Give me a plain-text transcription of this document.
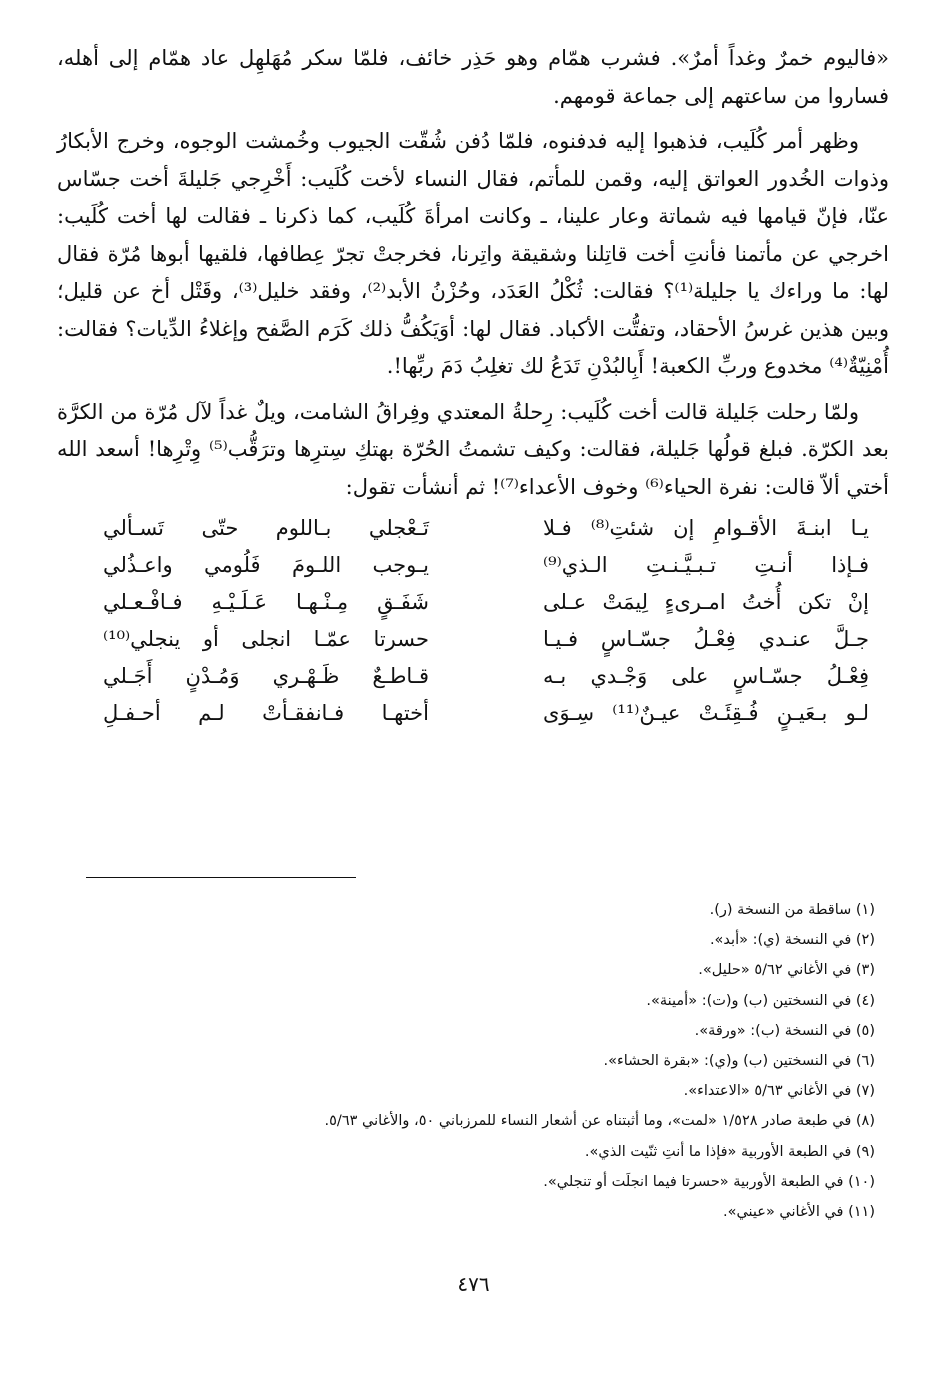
«فاليوم خمرٌ وغداً أمرٌ». فشرب همّام وهو حَذِر خائف، فلمّا سكر مُهَلهِل عاد همّام إلى أهله، فساروا من ساعتهم إلى جماعة قومهم.

وظهر أمر كُلَيب، فذهبوا إليه فدفنوه، فلمّا دُفن شُقّت الجيوب وخُمشت الوجوه، وخرج الأبكارُ وذوات الخُدور العواتق إليه، وقمن للمأتم، فقال النساء لأخت كُلَيب: أَخْرِجي جَليلةَ أخت جسّاس عنّا، فإنّ قيامها فيه شماتة وعار علينا، ـ وكانت امرأةَ كُلَيب، كما ذكرنا ـ فقالت لها أخت كُلَيب: اخرجي عن مأتمنا فأنتِ أخت قاتِلنا وشقيقة واتِرنا، فخرجتْ تجرّ عِطافها، فلقيها أبوها مُرّة فقال لها: ما وراءك يا جليلة⁽¹⁾؟ فقالت: ثُكْلُ العَدَد، وحُزْنُ الأبد⁽²⁾، وفقد خليل⁽³⁾، وقَتْل أخ عن قليل؛ وبين هذين غرسُ الأحقاد، وتفتُّت الأكباد. فقال لها: أوَيَكُفُّ ذلك كَرَم الصَّفح وإغلاءُ الدِّيات؟ فقالت: أُمْنِيّةٌ⁽⁴⁾ مخدوع وربِّ الكعبة! أَبِالبُدْنِ تَدَعُ لك تغلِبُ دَمَ ربِّها!.

ولمّا رحلت جَليلة قالت أخت كُلَيب: رِحلةُ المعتدي وفِراقُ الشامت، ويلٌ غداً لآل مُرّة من الكرَّة بعد الكرّة. فبلغ قولُها جَليلة، فقالت: وكيف تشمتُ الحُرّة بهتكِ سِترِها وترَقُّب⁽⁵⁾ وِتْرِها! أسعد الله أختي ألاّ قالت: نفرة الحياء⁽⁶⁾ وخوف الأعداء⁽⁷⁾! ثم أنشأت تقول:

يـا ابنـةَ الأقـوامِ إن شئتِ⁽⁸⁾ فـلا
تَـعْجلي بـاللوم حتّى تَسـألي
فـإذا أنـتِ تـبـيَّـنـتِ الـذي⁽⁹⁾
يـوجب اللـومَ فَلُومي واعـذُلي
إنْ تكن أُختُ امـرىءٍ لِيمَتْ عـلى
شَفَـقٍ مِـنْـهـا عَـلَـيْـهِ فـافْـعـلي
جـلَّ عنـدي فِعْـلُ جسّـاسٍ فـيـا
حسرتا عمّـا انجلى أو ينجلي⁽¹⁰⁾
فِعْـلُ جسّـاسٍ على وَجْـدي بـه
قـاطـعٌ ظَـهْـري وَمُـدْنٍ أَجَـلي
لـو بـعَيـنٍ فُـقِئَـتْ عيـنٌ⁽¹¹⁾ سِـوَى
أختهـا فـانفقـأتْ لـم أحـفـلِ
(١) ساقطة من النسخة (ر).
(٢) في النسخة (ي): «أبد».
(٣) في الأغاني ٥/٦٢ «حليل».
(٤) في النسختين (ب) و(ت): «أمينة».
(٥) في النسخة (ب): «ورقة».
(٦) في النسختين (ب) و(ي): «بقرة الحشاء».
(٧) في الأغاني ٥/٦٣ «الاعتداء».
(٨) في طبعة صادر ١/٥٢٨ «لمت»، وما أثبتناه عن أشعار النساء للمرزباني ٥٠، والأغاني ٥/٦٣.
(٩) في الطبعة الأوربية «فإذا ما أنتِ ثنّيت الذي».
(١٠) في الطبعة الأوربية «حسرتا فيما انجلَت أو تنجلي».
(١١) في الأغاني «عيني».
٤٧٦
